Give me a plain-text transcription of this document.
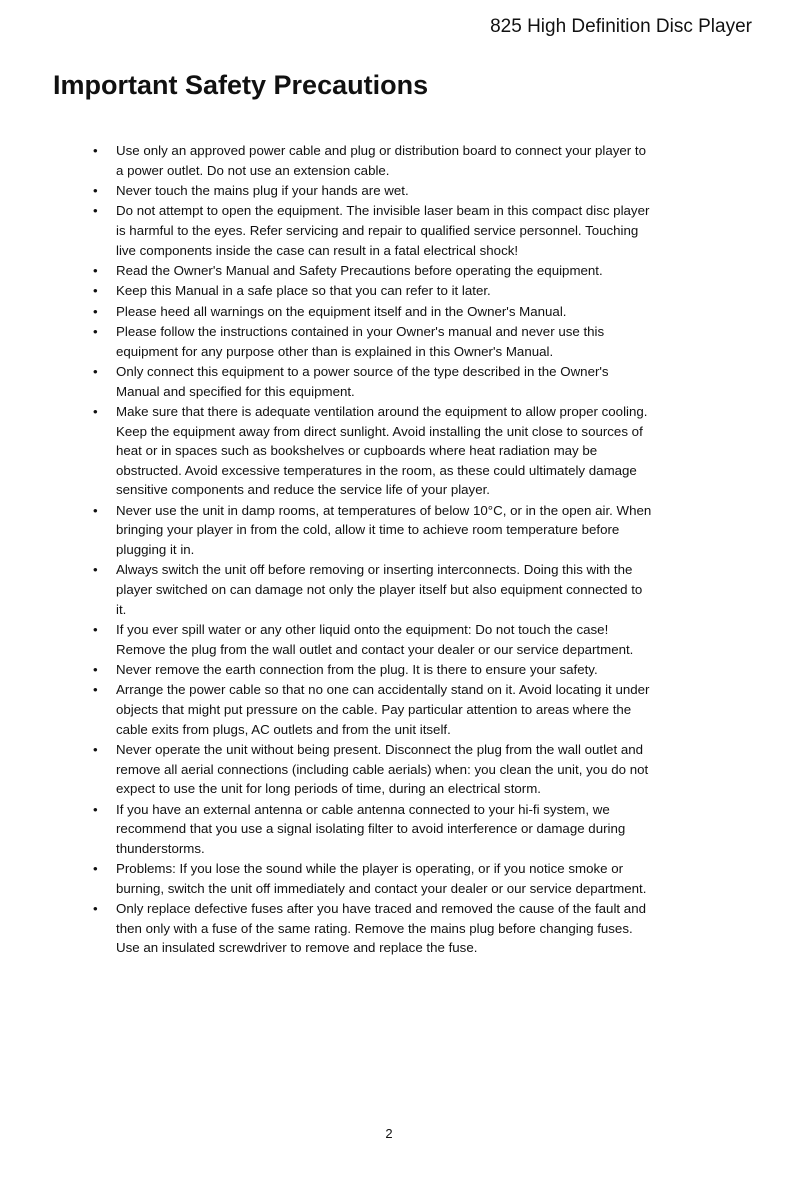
825 High Definition Disc Player
Important Safety Precautions
• Use only an approved power cable and plug or distribution board to connect your player to a power outlet. Do not use an extension cable.
• Never touch the mains plug if your hands are wet.
• Do not attempt to open the equipment. The invisible laser beam in this compact disc player is harmful to the eyes. Refer servicing and repair to qualified service personnel. Touching live components inside the case can result in a fatal electrical shock!
• Read the Owner's Manual and Safety Precautions before operating the equipment.
• Keep this Manual in a safe place so that you can refer to it later.
• Please heed all warnings on the equipment itself and in the Owner's Manual.
• Please follow the instructions contained in your Owner's manual and never use this equipment for any purpose other than is explained in this Owner's Manual.
• Only connect this equipment to a power source of the type described in the Owner's Manual and specified for this equipment.
• Make sure that there is adequate ventilation around the equipment to allow proper cooling. Keep the equipment away from direct sunlight. Avoid installing the unit close to sources of heat or in spaces such as bookshelves or cupboards where heat radiation may be obstructed. Avoid excessive temperatures in the room, as these could ultimately damage sensitive components and reduce the service life of your player.
• Never use the unit in damp rooms, at temperatures of below 10°C, or in the open air. When bringing your player in from the cold, allow it time to achieve room temperature before plugging it in.
• Always switch the unit off before removing or inserting interconnects. Doing this with the player switched on can damage not only the player itself but also equipment connected to it.
• If you ever spill water or any other liquid onto the equipment: Do not touch the case! Remove the plug from the wall outlet and contact your dealer or our service department.
• Never remove the earth connection from the plug. It is there to ensure your safety.
• Arrange the power cable so that no one can accidentally stand on it. Avoid locating it under objects that might put pressure on the cable. Pay particular attention to areas where the cable exits from plugs, AC outlets and from the unit itself.
• Never operate the unit without being present. Disconnect the plug from the wall outlet and remove all aerial connections (including cable aerials) when: you clean the unit, you do not expect to use the unit for long periods of time, during an electrical storm.
• If you have an external antenna or cable antenna connected to your hi-fi system, we recommend that you use a signal isolating filter to avoid interference or damage during thunderstorms.
• Problems: If you lose the sound while the player is operating, or if you notice smoke or burning, switch the unit off immediately and contact your dealer or our service department.
• Only replace defective fuses after you have traced and removed the cause of the fault and then only with a fuse of the same rating. Remove the mains plug before changing fuses. Use an insulated screwdriver to remove and replace the fuse.
2
